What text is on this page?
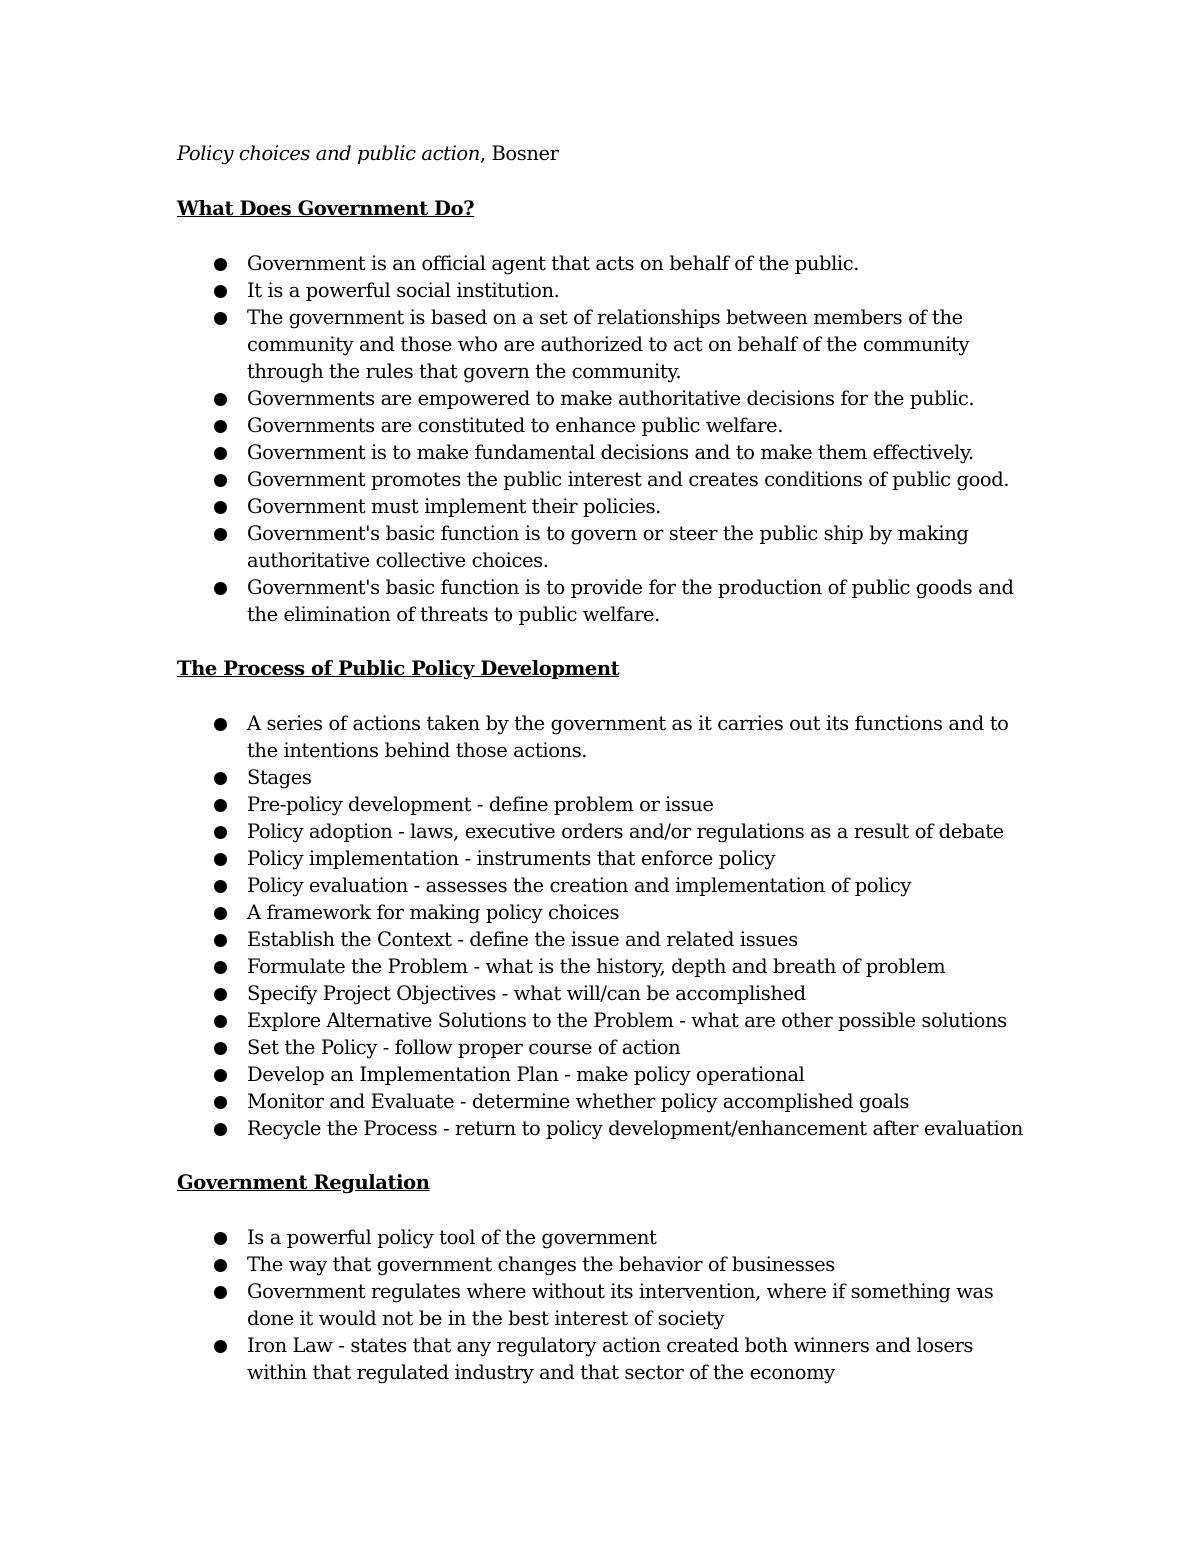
Policy choices and public action, Bosner

What Does Government Do?

Government is an official agent that acts on behalf of the public.
It is a powerful social institution.
The government is based on a set of relationships between members of the community and those who are authorized to act on behalf of the community through the rules that govern the community.
Governments are empowered to make authoritative decisions for the public.
Governments are constituted to enhance public welfare.
Government is to make fundamental decisions and to make them effectively.
Government promotes the public interest and creates conditions of public good.
Government must implement their policies.
Government's basic function is to govern or steer the public ship by making authoritative collective choices.
Government's basic function is to provide for the production of public goods and the elimination of threats to public welfare.

The Process of Public Policy Development

A series of actions taken by the government as it carries out its functions and to the intentions behind those actions.
Stages
Pre-policy development - define problem or issue
Policy adoption - laws, executive orders and/or regulations as a result of debate
Policy implementation - instruments that enforce policy
Policy evaluation - assesses the creation and implementation of policy
A framework for making policy choices
Establish the Context - define the issue and related issues
Formulate the Problem - what is the history, depth and breath of problem
Specify Project Objectives - what will/can be accomplished
Explore Alternative Solutions to the Problem - what are other possible solutions
Set the Policy - follow proper course of action
Develop an Implementation Plan - make policy operational
Monitor and Evaluate - determine whether policy accomplished goals
Recycle the Process - return to policy development/enhancement after evaluation

Government Regulation

Is a powerful policy tool of the government
The way that government changes the behavior of businesses
Government regulates where without its intervention, where if something was done it would not be in the best interest of society
Iron Law - states that any regulatory action created both winners and losers within that regulated industry and that sector of the economy
